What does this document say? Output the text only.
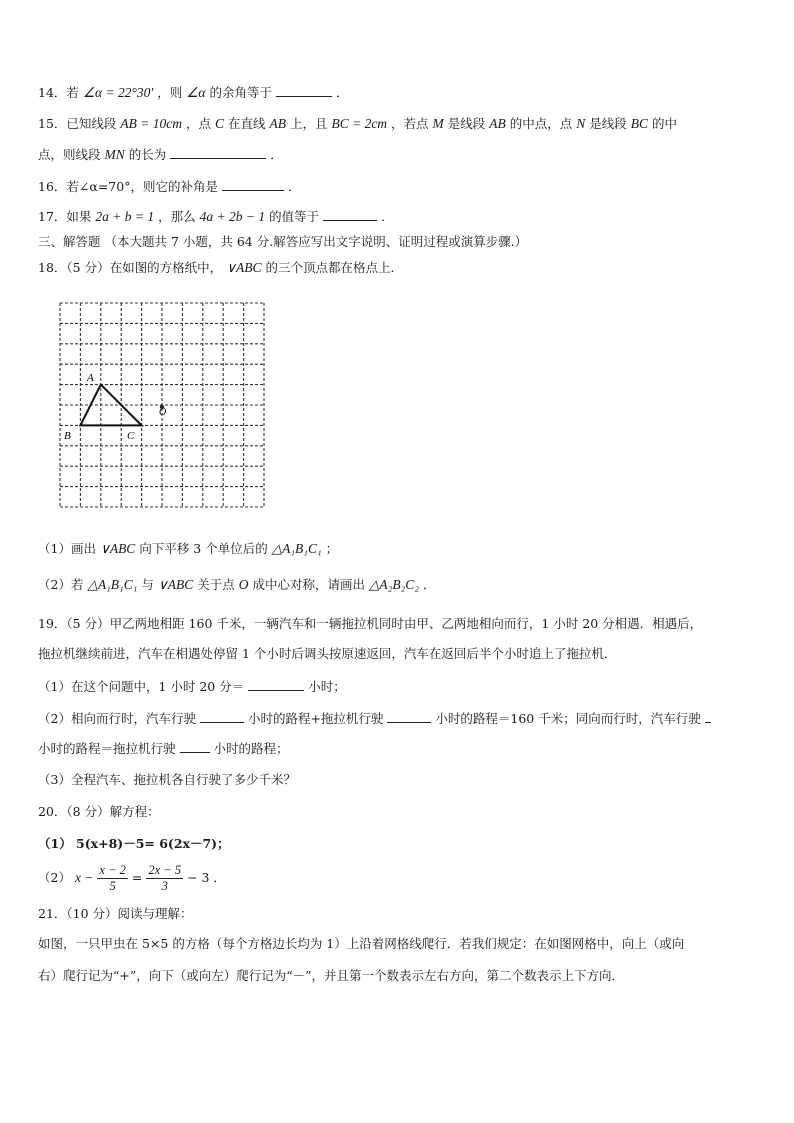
14．若 ∠α = 22°30′ ，则 ∠α 的余角等于	．
15．已知线段 AB = 10cm ，点 C 在直线 AB 上，且 BC = 2cm ，若点 M 是线段 AB 的中点，点 N 是线段 BC 的中
点，则线段 MN 的长为	．
16．若∠α=70°，则它的补角是	．
17．如果 2a + b = 1 ，那么 4a + 2b − 1 的值等于	．
三、解答题 （本大题共 7 小题，共 64 分.解答应写出文字说明、证明过程或演算步骤.）
18．（5 分）在如图的方格纸中， ∨ABC 的三个顶点都在格点上．
A
B	C
O
（1）画出 ∨ABC 向下平移 3 个单位后的 △A₁B₁C₁ ；
（2）若 △A₁B₁C₁ 与 ∨ABC 关于点 O 成中心对称，请画出 △A₂B₂C₂ ．
19．（5 分）甲乙两地相距 160 千米，一辆汽车和一辆拖拉机同时由甲、乙两地相向而行，1 小时 20 分相遇．相遇后，
拖拉机继续前进，汽车在相遇处停留 1 个小时后调头按原速返回，汽车在返回后半个小时追上了拖拉机．
（1）在这个问题中，1 小时 20 分＝	小时；
（2）相向而行时，汽车行驶	小时的路程+拖拉机行驶	小时的路程＝160 千米；同向而行时，汽车行驶
小时的路程＝拖拉机行驶	小时的路程；
（3）全程汽车、拖拉机各自行驶了多少千米？
20．（8 分）解方程：
（1） 5(x+8)－5= 6(2x－7)；
（2） $x - \frac{x - 2}{5} = \frac{2x - 5}{3} - 3$ ．
21．（10 分）阅读与理解：
如图，一只甲虫在 5×5 的方格（每个方格边长均为 1）上沿着网格线爬行．若我们规定：在如图网格中，向上（或向
右）爬行记为“+”，向下（或向左）爬行记为“－”，并且第一个数表示左右方向，第二个数表示上下方向．
